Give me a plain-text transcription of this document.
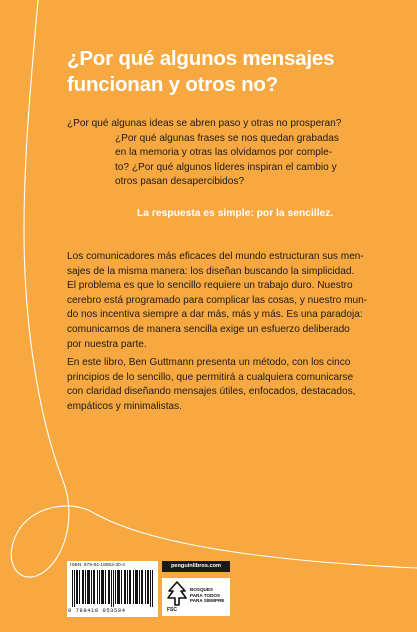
¿Por qué algunos mensajes
funcionan y otros no?
¿Por qué algunas ideas se abren paso y otras no prosperan?
¿Por qué algunas frases se nos quedan grabadas
en la memoria y otras las olvidamos por comple-
to? ¿Por qué algunos líderes inspiran el cambio y
otros pasan desapercibidos?
La respuesta es simple: por la sencillez.
Los comunicadores más eficaces del mundo estructuran sus men-
sajes de la misma manera: los diseñan buscando la simplicidad.
El problema es que lo sencillo requiere un trabajo duro. Nuestro
cerebro está programado para complicar las cosas, y nuestro mun-
do nos incentiva siempre a dar más, más y más. Es una paradoja:
comunicarnos de manera sencilla exige un esfuerzo deliberado
por nuestra parte.
En este libro, Ben Guttmann presenta un método, con los cinco
principios de lo sencillo, que permitirá a cualquiera comunicarse
con claridad diseñando mensajes útiles, enfocados, destacados,
empáticos y minimalistas.
ISBN: 978-84-18053-30-4
9 788418 053504
penguinlibros.com
FSC
BOSQUES
PARA TODOS
PARA SIEMPRE
